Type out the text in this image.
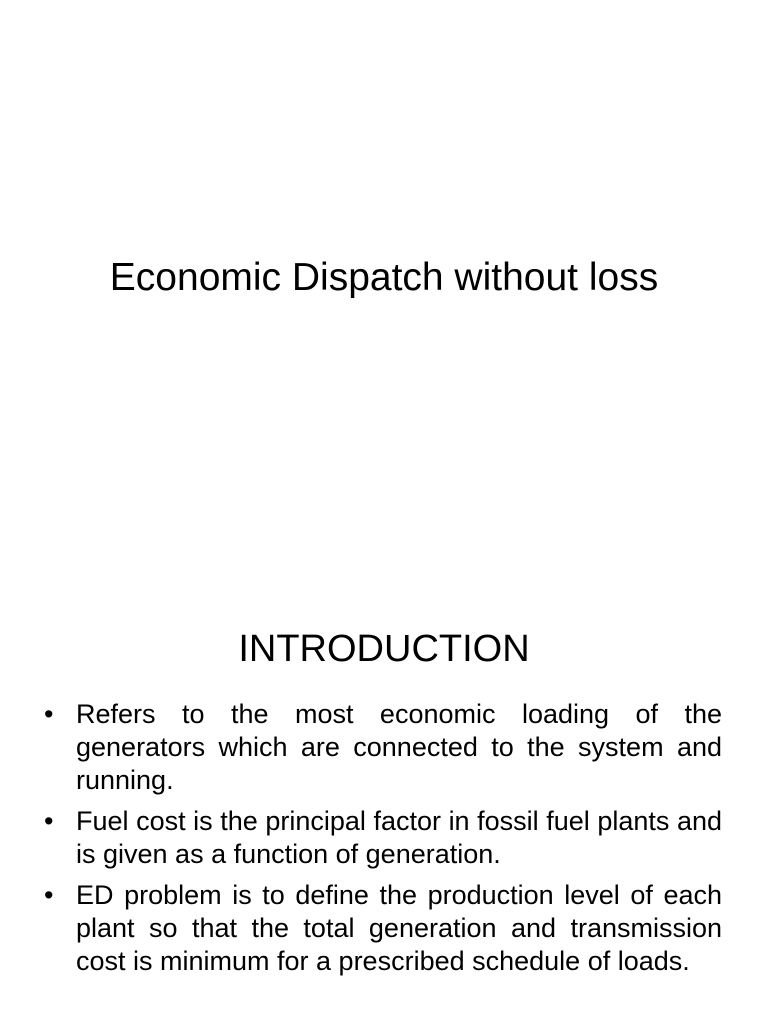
Economic Dispatch without loss
INTRODUCTION
• Refers to the most economic loading of the generators which are connected to the system and running.
• Fuel cost is the principal factor in fossil fuel plants and is given as a function of generation.
• ED problem is to define the production level of each plant so that the total generation and transmission cost is minimum for a prescribed schedule of loads.
